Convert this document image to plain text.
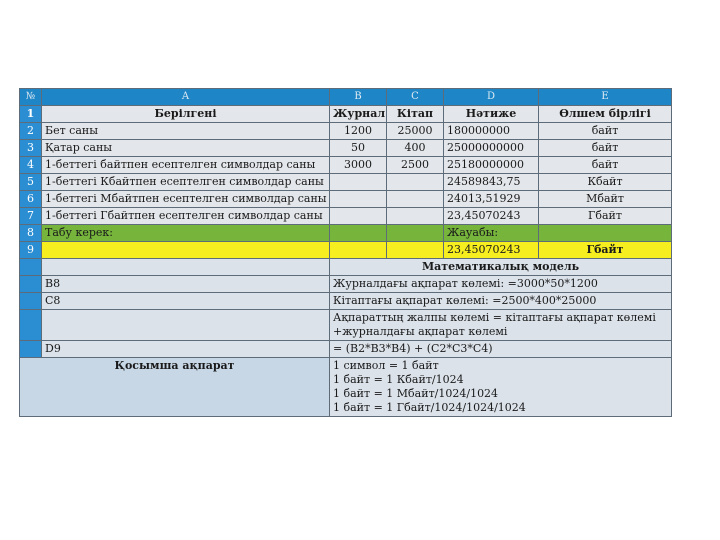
№	A	B	C	D	E
1	Берілгені	Журнал	Кітап	Нәтиже	Өлшем бірлігі
2	Бет саны	1200	25000	180000000	байт
3	Қатар саны	50	400	25000000000	байт
4	1-беттегі байтпен есептелген символдар саны	3000	2500	25180000000	байт
5	1-беттегі Кбайтпен есептелген символдар саны			24589843,75	Кбайт
6	1-беттегі Мбайтпен есептелген символдар саны			24013,51929	Мбайт
7	1-беттегі Гбайтпен есептелген символдар саны			23,45070243	Гбайт
8	Табу керек:			Жауабы:	
9				23,45070243	Гбайт
		Математикалық модель			
	B8	Журналдағы ақпарат көлемі: =3000*50*1200			
	C8	Кітаптағы ақпарат көлемі: =2500*400*25000			
		Ақпараттың жалпы көлемі = кітаптағы ақпарат көлемі
+журналдағы ақпарат көлемі			
	D9	= (B2*B3*B4) + (C2*C3*C4)			
Қосымша ақпарат		1 символ = 1 байт
1 байт = 1 Кбайт/1024
1 байт = 1 Мбайт/1024/1024
1 байт = 1 Гбайт/1024/1024/1024			
